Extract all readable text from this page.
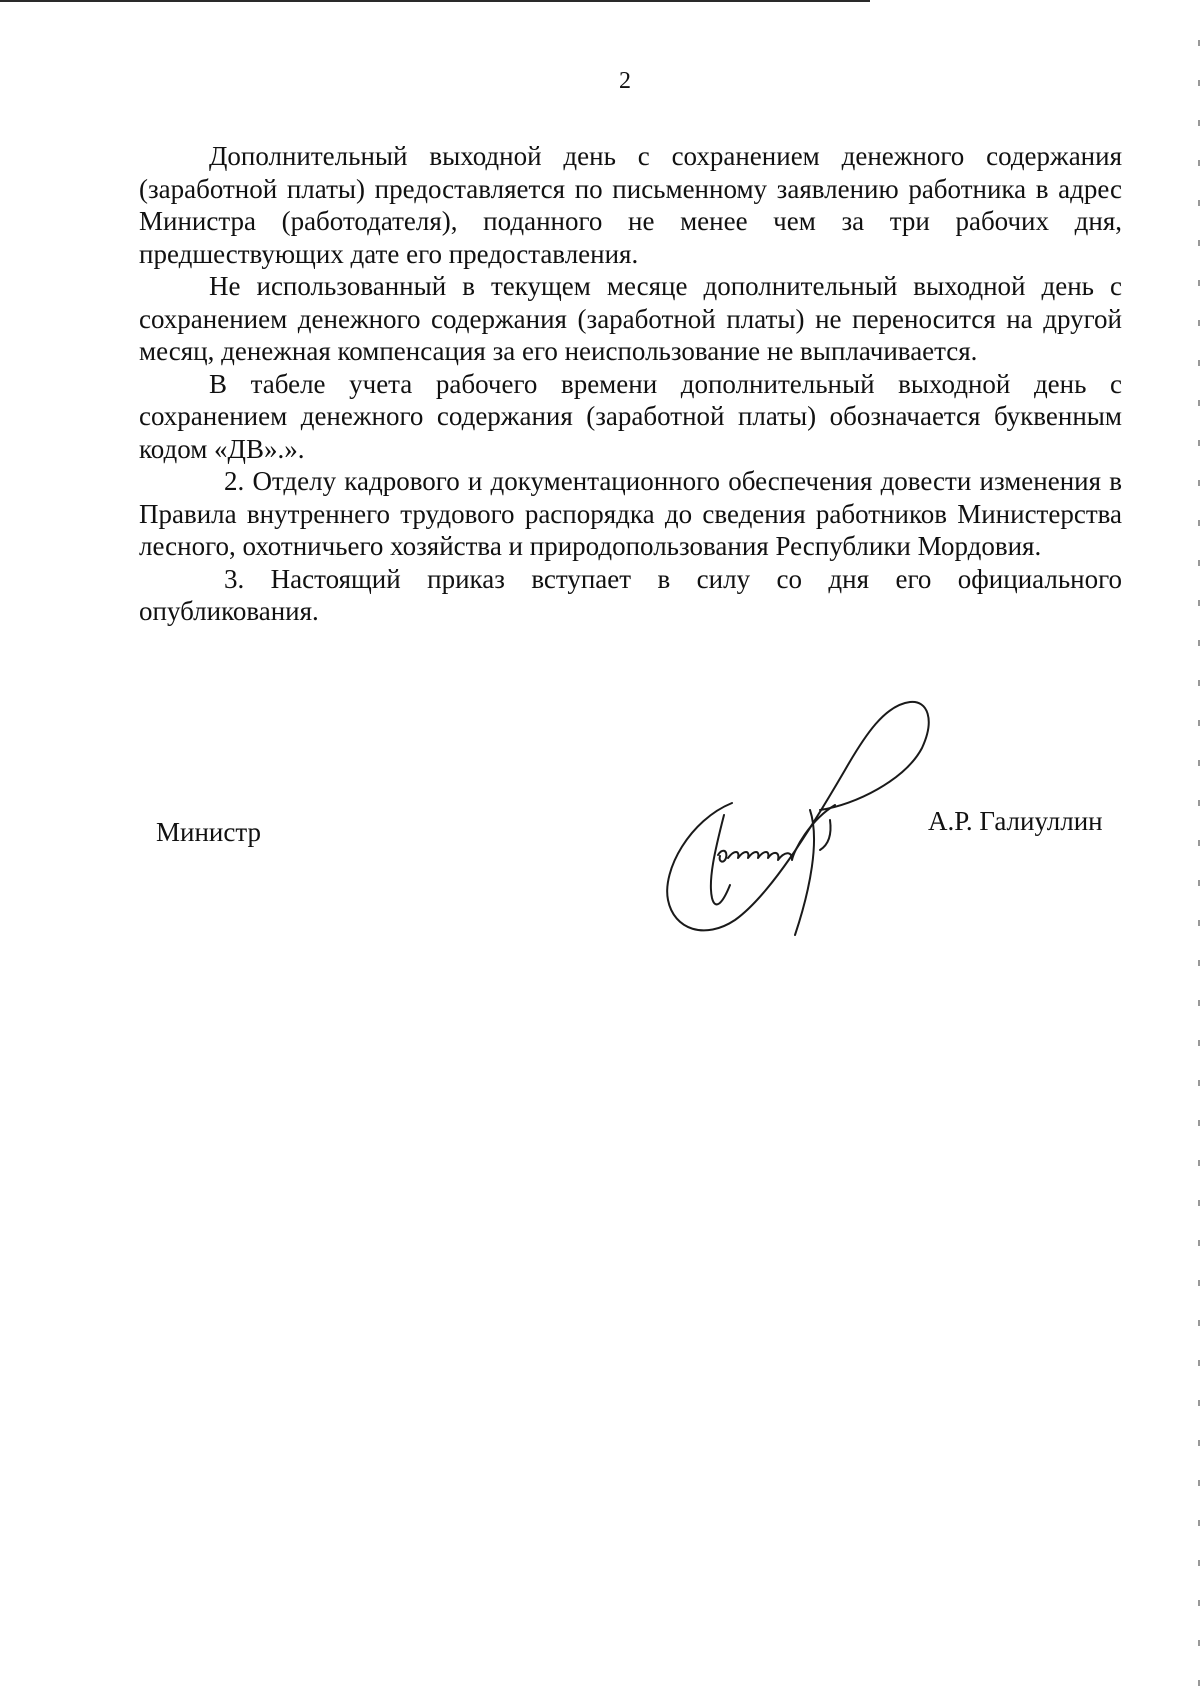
2

Дополнительный выходной день с сохранением денежного содержания (заработной платы) предоставляется по письменному заявлению работника в адрес Министра (работодателя), поданного не менее чем за три рабочих дня, предшествующих дате его предоставления.

Не использованный в текущем месяце дополнительный выходной день с сохранением денежного содержания (заработной платы) не переносится на другой месяц, денежная компенсация за его неиспользование не выплачивается.

В табеле учета рабочего времени дополнительный выходной день с сохранением денежного содержания (заработной платы) обозначается буквенным кодом «ДВ».».

2. Отделу кадрового и документационного обеспечения довести изменения в Правила внутреннего трудового распорядка до сведения работников Министерства лесного, охотничьего хозяйства и природопользования Республики Мордовия.

3. Настоящий приказ вступает в силу со дня его официального опубликования.

Министр	А.Р. Галиуллин
